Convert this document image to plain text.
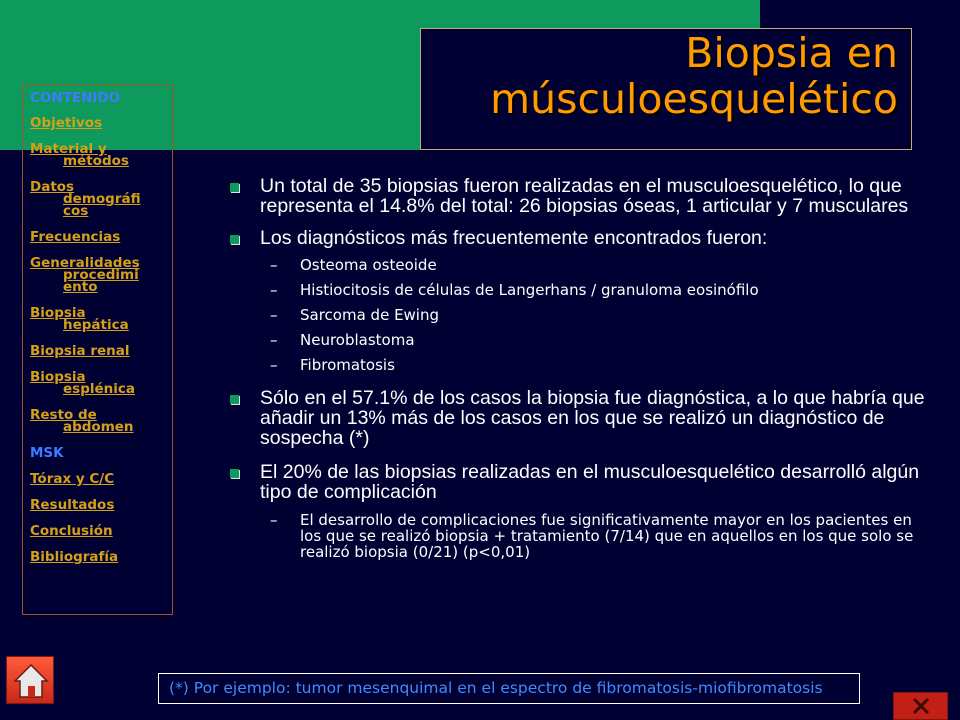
Biopsia en
músculoesquelético
CONTENIDO
Objetivos
Material y
métodos
Datos
demográfi
cos
Frecuencias
Generalidades
procedimi
ento
Biopsia
hepática
Biopsia renal
Biopsia
esplénica
Resto de
abdomen
MSK
Tórax y C/C
Resultados
Conclusión
Bibliografía
Un total de 35 biopsias fueron realizadas en el musculoesquelético, lo que representa el 14.8% del total: 26 biopsias óseas, 1 articular y 7 musculares
Los diagnósticos más frecuentemente encontrados fueron:
– Osteoma osteoide
– Histiocitosis de células de Langerhans / granuloma eosinófilo
– Sarcoma de Ewing
– Neuroblastoma
– Fibromatosis
Sólo en el 57.1% de los casos la biopsia fue diagnóstica, a lo que habría que añadir un 13% más de los casos en los que se realizó un diagnóstico de sospecha (*)
El 20% de las biopsias realizadas en el musculoesquelético desarrolló algún tipo de complicación
– El desarrollo de complicaciones fue significativamente mayor en los pacientes en los que se realizó biopsia + tratamiento (7/14) que en aquellos en los que solo se realizó biopsia (0/21) (p<0,01)
(*) Por ejemplo: tumor mesenquimal en el espectro de fibromatosis-miofibromatosis
